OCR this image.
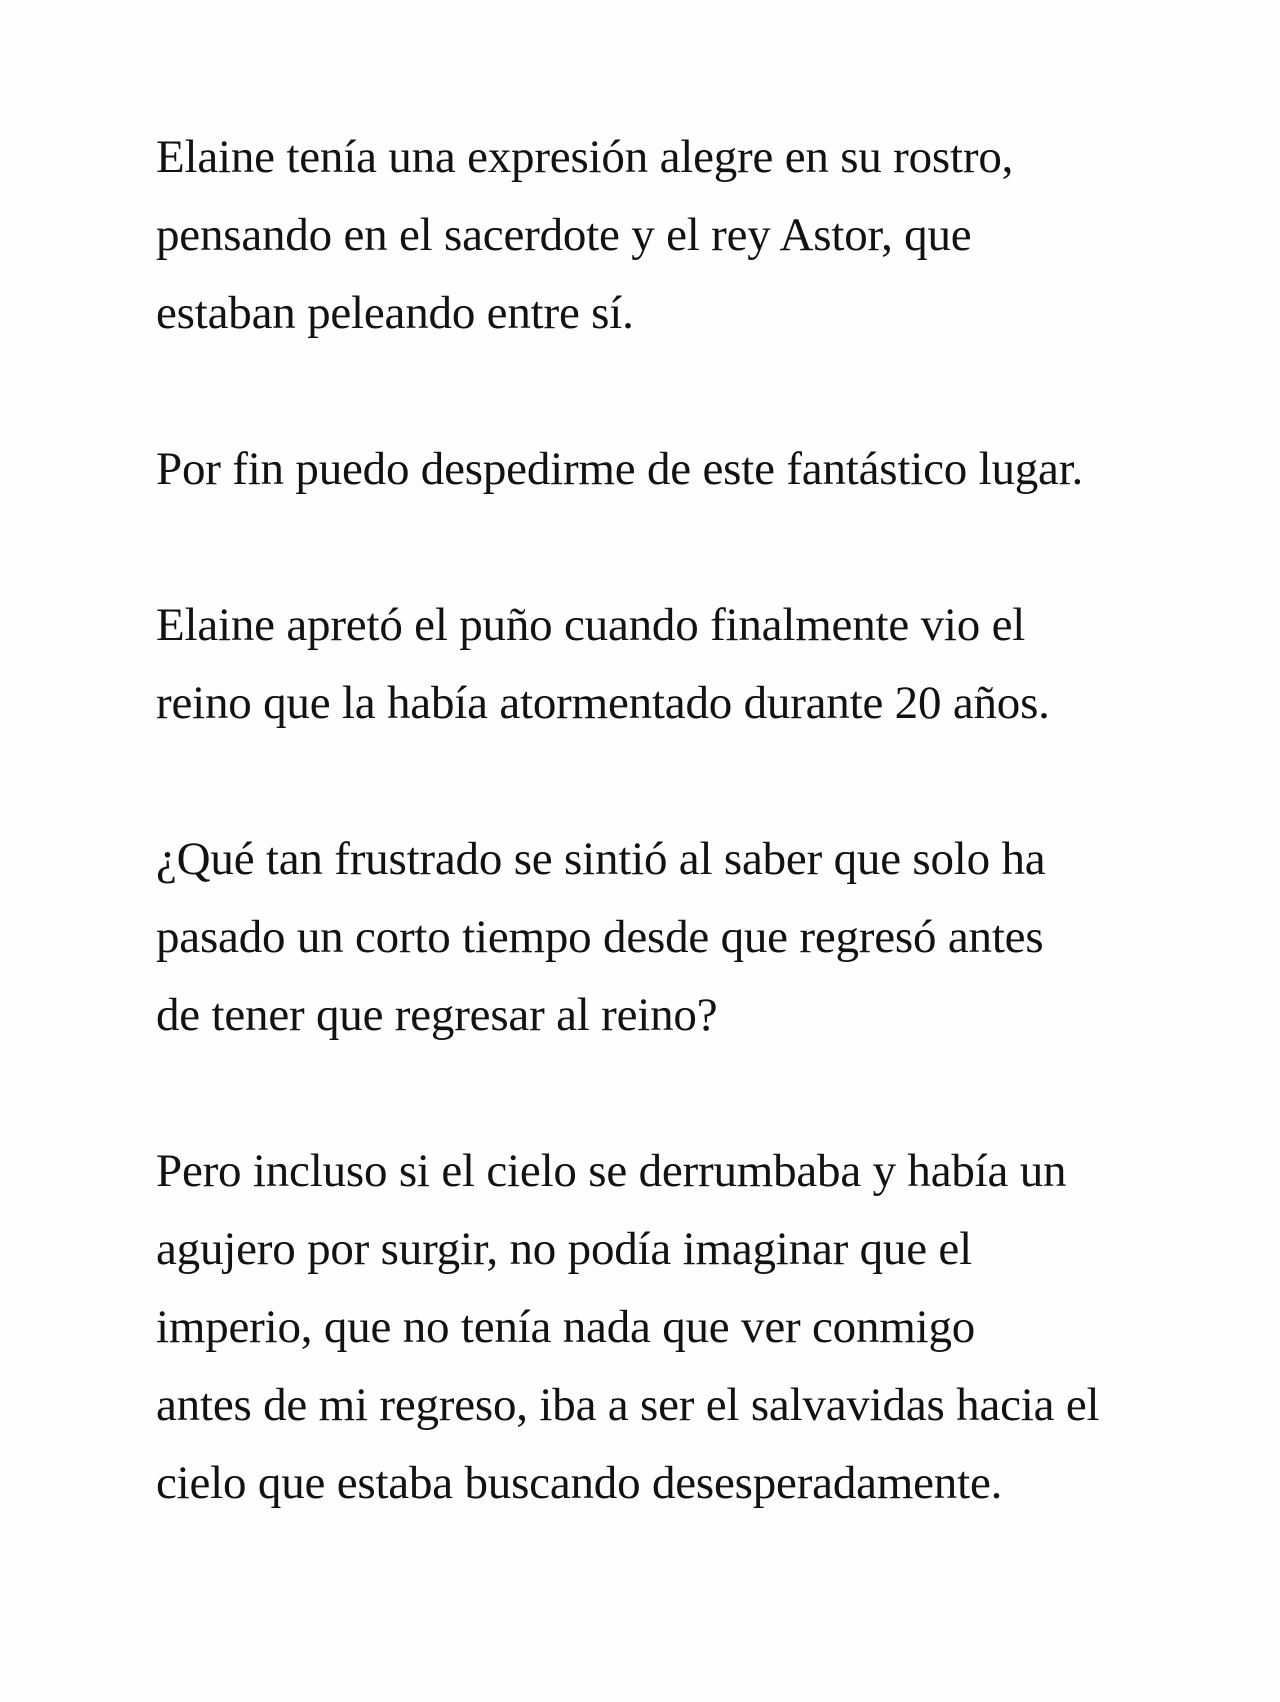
Elaine tenía una expresión alegre en su rostro,
pensando en el sacerdote y el rey Astor, que
estaban peleando entre sí.

Por fin puedo despedirme de este fantástico lugar.

Elaine apretó el puño cuando finalmente vio el
reino que la había atormentado durante 20 años.

¿Qué tan frustrado se sintió al saber que solo ha
pasado un corto tiempo desde que regresó antes
de tener que regresar al reino?

Pero incluso si el cielo se derrumbaba y había un
agujero por surgir, no podía imaginar que el
imperio, que no tenía nada que ver conmigo
antes de mi regreso, iba a ser el salvavidas hacia el
cielo que estaba buscando desesperadamente.
